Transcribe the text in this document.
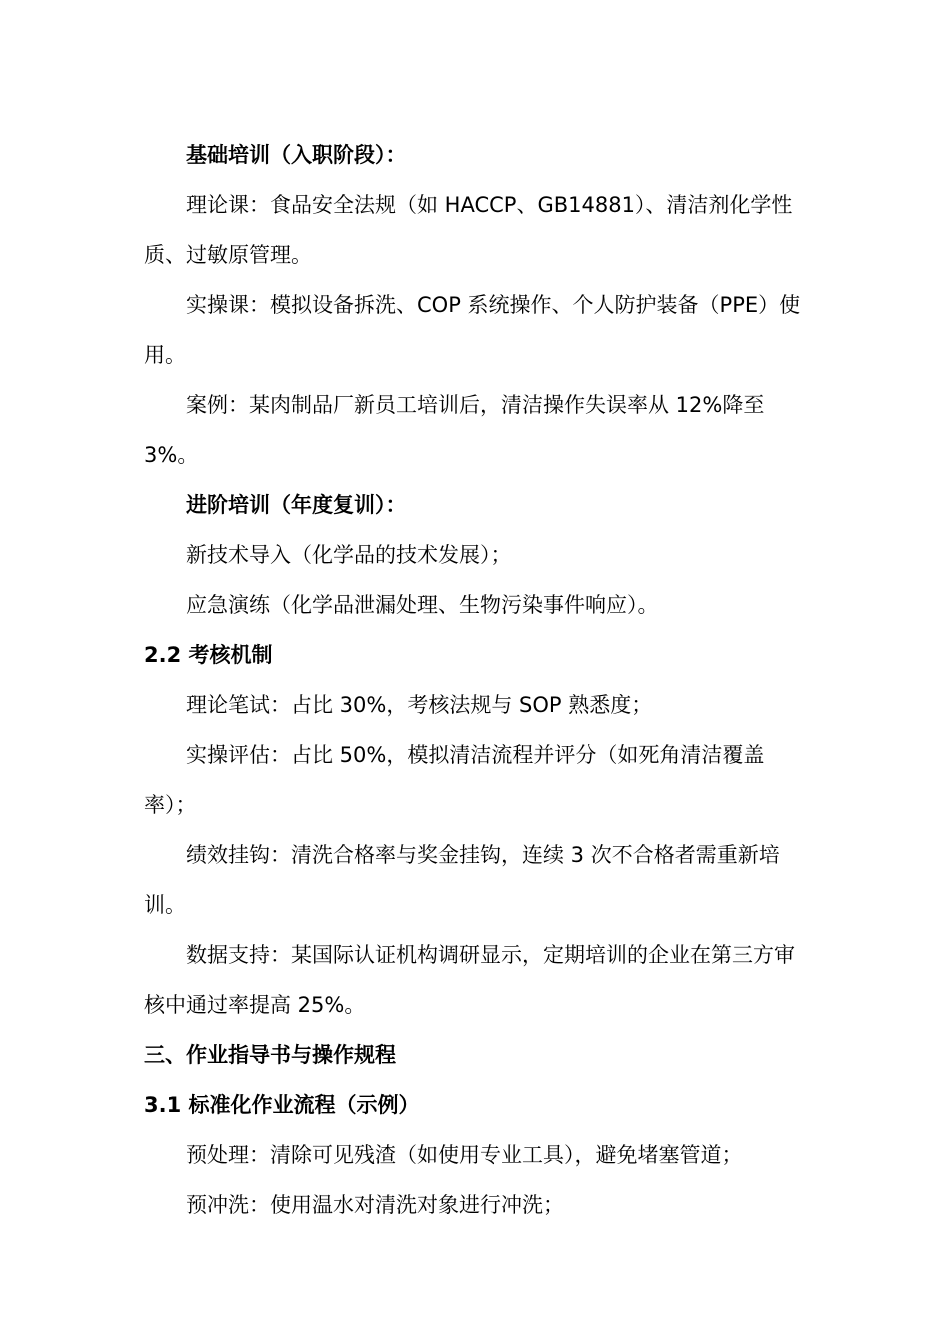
基础培训（入职阶段）：

理论课：食品安全法规（如 HACCP、GB14881）、清洁剂化学性质、过敏原管理。

实操课：模拟设备拆洗、COP 系统操作、个人防护装备（PPE）使用。

案例：某肉制品厂新员工培训后，清洁操作失误率从 12%降至 3%。

进阶培训（年度复训）：

新技术导入（化学品的技术发展）；

应急演练（化学品泄漏处理、生物污染事件响应）。

2.2 考核机制

理论笔试：占比 30%，考核法规与 SOP 熟悉度；

实操评估：占比 50%，模拟清洁流程并评分（如死角清洁覆盖率）；

绩效挂钩：清洗合格率与奖金挂钩，连续 3 次不合格者需重新培训。

数据支持：某国际认证机构调研显示，定期培训的企业在第三方审核中通过率提高 25%。

三、作业指导书与操作规程

3.1 标准化作业流程（示例）

预处理：清除可见残渣（如使用专业工具），避免堵塞管道；

预冲洗：使用温水对清洗对象进行冲洗；
